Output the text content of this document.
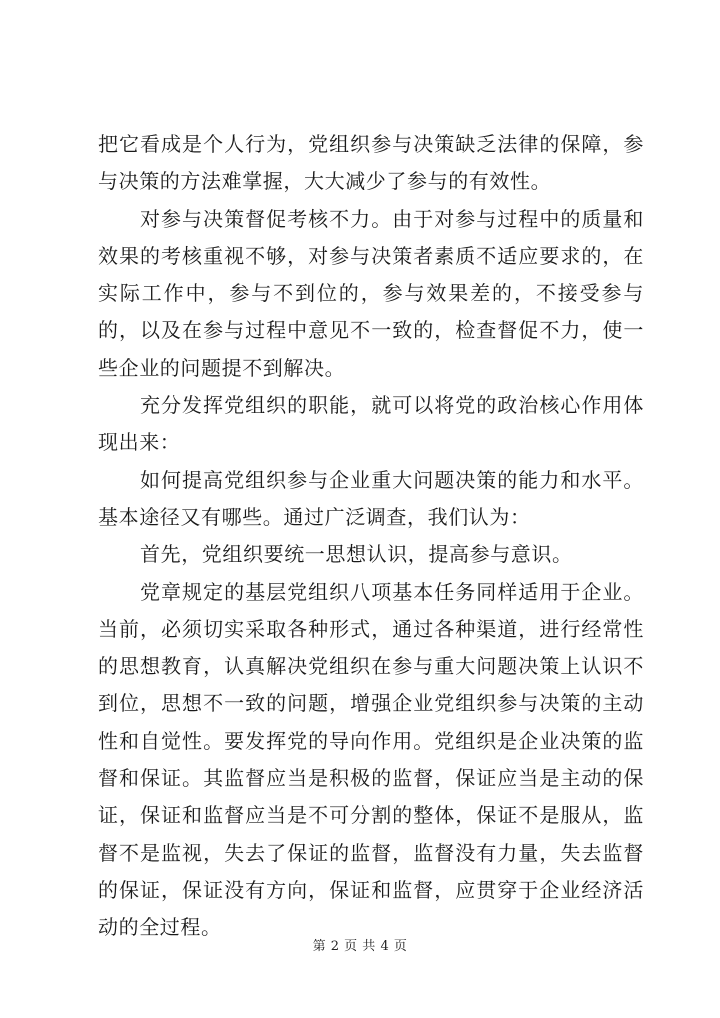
把它看成是个人行为，党组织参与决策缺乏法律的保障，参与决策的方法难掌握，大大减少了参与的有效性。

对参与决策督促考核不力。由于对参与过程中的质量和效果的考核重视不够，对参与决策者素质不适应要求的，在实际工作中，参与不到位的，参与效果差的，不接受参与的，以及在参与过程中意见不一致的，检查督促不力，使一些企业的问题提不到解决。

充分发挥党组织的职能，就可以将党的政治核心作用体现出来：

如何提高党组织参与企业重大问题决策的能力和水平。基本途径又有哪些。通过广泛调查，我们认为：

首先，党组织要统一思想认识，提高参与意识。

党章规定的基层党组织八项基本任务同样适用于企业。当前，必须切实采取各种形式，通过各种渠道，进行经常性的思想教育，认真解决党组织在参与重大问题决策上认识不到位，思想不一致的问题，增强企业党组织参与决策的主动性和自觉性。要发挥党的导向作用。党组织是企业决策的监督和保证。其监督应当是积极的监督，保证应当是主动的保证，保证和监督应当是不可分割的整体，保证不是服从，监督不是监视，失去了保证的监督，监督没有力量，失去监督的保证，保证没有方向，保证和监督，应贯穿于企业经济活动的全过程。

第 2 页 共 4 页
